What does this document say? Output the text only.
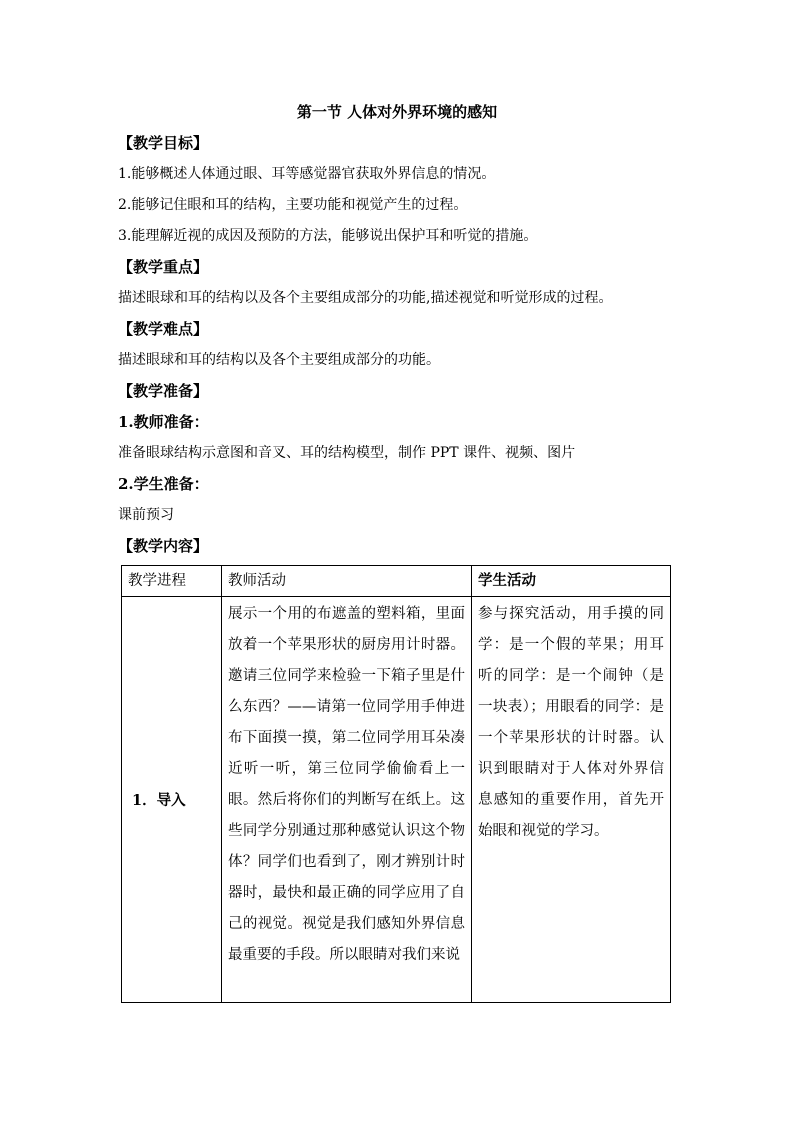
第一节 人体对外界环境的感知
【教学目标】
1.能够概述人体通过眼、耳等感觉器官获取外界信息的情况。
2.能够记住眼和耳的结构，主要功能和视觉产生的过程。
3.能理解近视的成因及预防的方法，能够说出保护耳和听觉的措施。
【教学重点】
描述眼球和耳的结构以及各个主要组成部分的功能,描述视觉和听觉形成的过程。
【教学难点】
描述眼球和耳的结构以及各个主要组成部分的功能。
【教学准备】
1.教师准备：
准备眼球结构示意图和音叉、耳的结构模型，制作 PPT 课件、视频、图片
2.学生准备：
课前预习
【教学内容】
教学进程	教师活动	学生活动
1．导入	展示一个用的布遮盖的塑料箱，里面放着一个苹果形状的厨房用计时器。邀请三位同学来检验一下箱子里是什么东西？——请第一位同学用手伸进布下面摸一摸，第二位同学用耳朵凑近听一听，第三位同学偷偷看上一眼。然后将你们的判断写在纸上。这些同学分别通过那种感觉认识这个物体？同学们也看到了，刚才辨别计时器时，最快和最正确的同学应用了自己的视觉。视觉是我们感知外界信息最重要的手段。所以眼睛对我们来说	参与探究活动，用手摸的同学：是一个假的苹果；用耳听的同学：是一个闹钟（是一块表）；用眼看的同学：是一个苹果形状的计时器。认识到眼睛对于人体对外界信息感知的重要作用，首先开始眼和视觉的学习。
